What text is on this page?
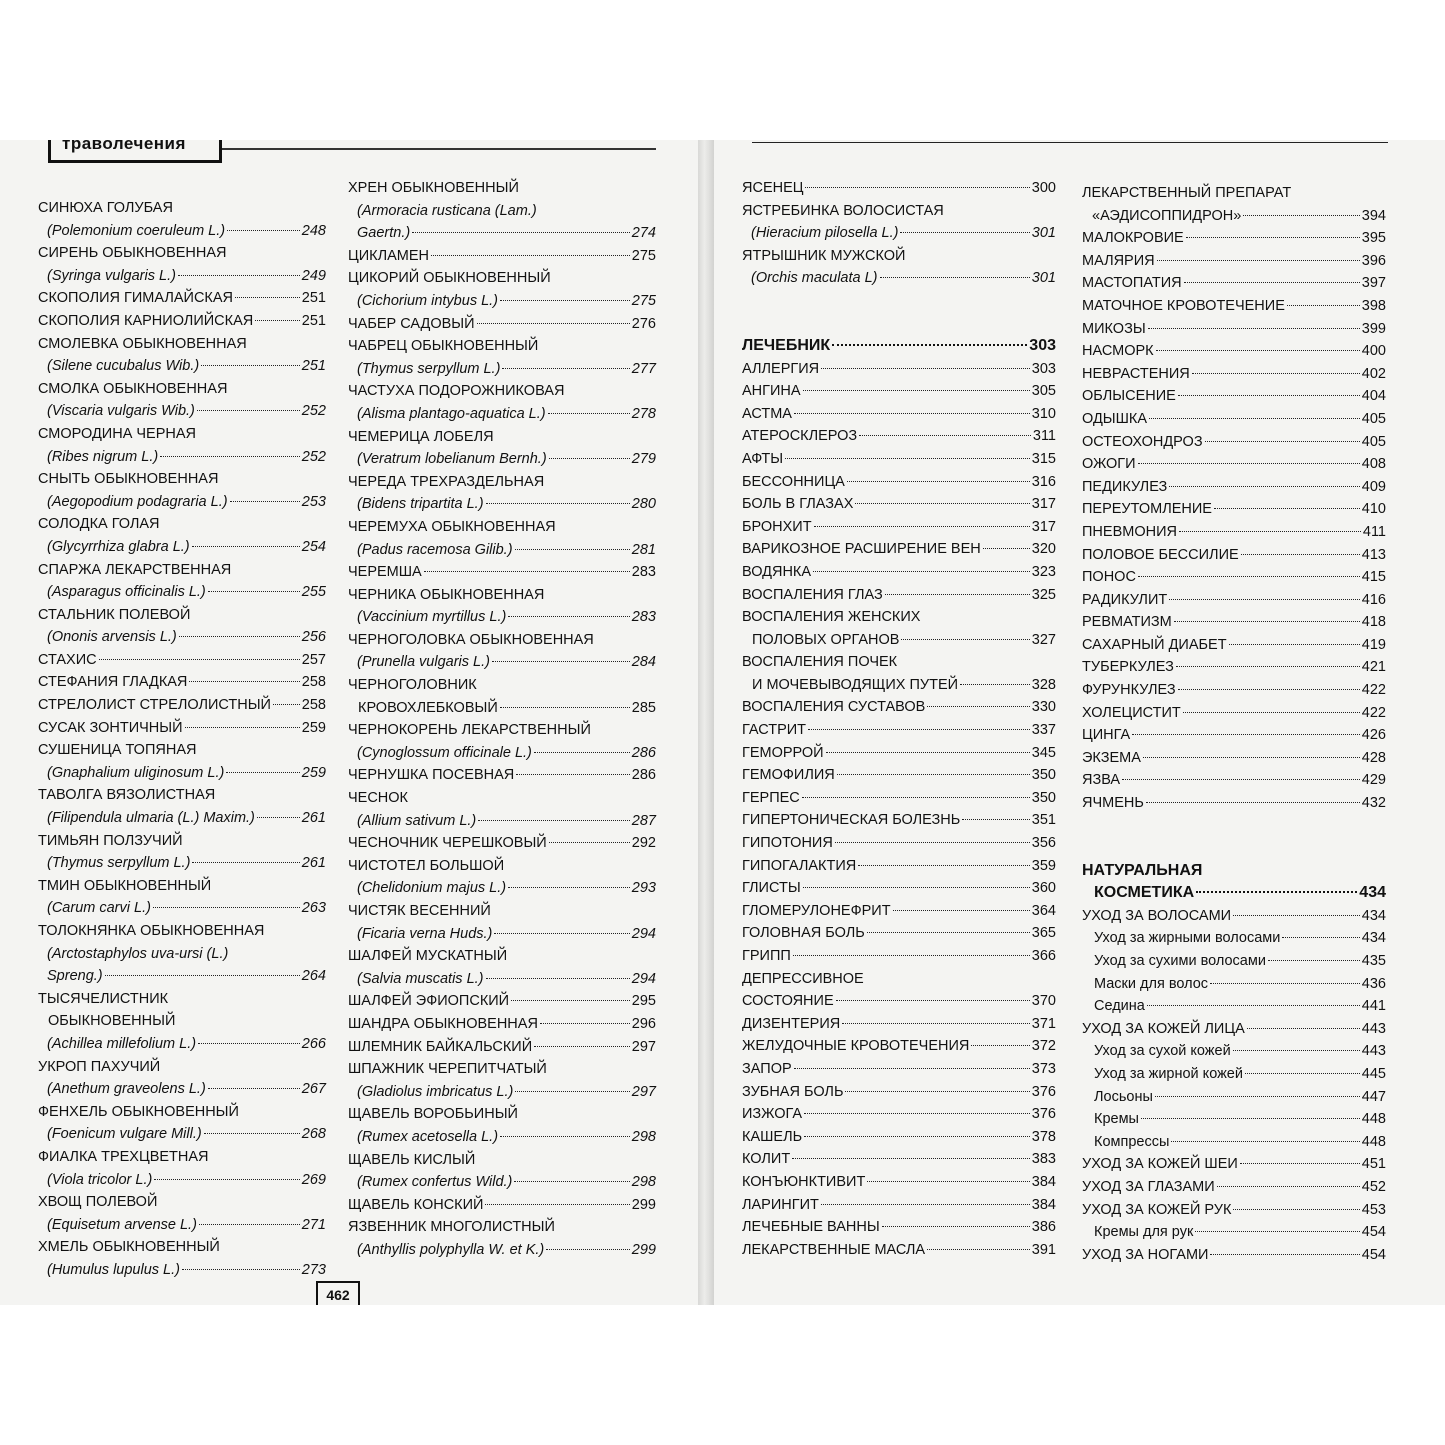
траволечения
СИНЮХА ГОЛУБАЯ
(Polemonium coeruleum L.)	248
СИРЕНЬ ОБЫКНОВЕННАЯ
(Syringa vulgaris L.)	249
СКОПОЛИЯ ГИМАЛАЙСКАЯ	251
СКОПОЛИЯ КАРНИОЛИЙСКАЯ	251
СМОЛЕВКА ОБЫКНОВЕННАЯ
(Silene cucubalus Wib.)	251
СМОЛКА ОБЫКНОВЕННАЯ
(Viscaria vulgaris Wib.)	252
СМОРОДИНА ЧЕРНАЯ
(Ribes nigrum L.)	252
СНЫТЬ ОБЫКНОВЕННАЯ
(Aegopodium podagraria L.)	253
СОЛОДКА ГОЛАЯ
(Glycyrrhiza glabra L.)	254
СПАРЖА ЛЕКАРСТВЕННАЯ
(Asparagus officinalis L.)	255
СТАЛЬНИК ПОЛЕВОЙ
(Ononis arvensis L.)	256
СТАХИС	257
СТЕФАНИЯ ГЛАДКАЯ	258
СТРЕЛОЛИСТ СТРЕЛОЛИСТНЫЙ 258
СУСАК ЗОНТИЧНЫЙ	259
СУШЕНИЦА ТОПЯНАЯ
(Gnaphalium uliginosum L.)	259
ТАВОЛГА ВЯЗОЛИСТНАЯ
(Filipendula ulmaria (L.) Maxim.)	261
ТИМЬЯН ПОЛЗУЧИЙ
(Thymus serpyllum L.)	261
ТМИН ОБЫКНОВЕННЫЙ
(Carum carvi L.)	263
ТОЛОКНЯНКА ОБЫКНОВЕННАЯ
(Arctostaphylos uva-ursi (L.)
Spreng.)	264
ТЫСЯЧЕЛИСТНИК
ОБЫКНОВЕННЫЙ
(Achillea millefolium L.)	266
УКРОП ПАХУЧИЙ
(Anethum graveolens L.)	267
ФЕНХЕЛЬ ОБЫКНОВЕННЫЙ
(Foenicum vulgare Mill.)	268
ФИАЛКА ТРЕХЦВЕТНАЯ
(Viola tricolor L.)	269
ХВОЩ ПОЛЕВОЙ
(Equisetum arvense L.)	271
ХМЕЛЬ ОБЫКНОВЕННЫЙ
(Humulus lupulus L.)	273
ХРЕН ОБЫКНОВЕННЫЙ
(Armoracia rusticana (Lam.)
Gaertn.)	274
ЦИКЛАМЕН	275
ЦИКОРИЙ ОБЫКНОВЕННЫЙ
(Cichorium intybus L.)	275
ЧАБЕР САДОВЫЙ	276
ЧАБРЕЦ ОБЫКНОВЕННЫЙ
(Thymus serpyllum L.)	277
ЧАСТУХА ПОДОРОЖНИКОВАЯ
(Alisma plantago-aquatica L.)	278
ЧЕМЕРИЦА ЛОБЕЛЯ
(Veratrum lobelianum Bernh.)	279
ЧЕРЕДА ТРЕХРАЗДЕЛЬНАЯ
(Bidens tripartita L.)	280
ЧЕРЕМУХА ОБЫКНОВЕННАЯ
(Padus racemosa Gilib.)	281
ЧЕРЕМША	283
ЧЕРНИКА ОБЫКНОВЕННАЯ
(Vaccinium myrtillus L.)	283
ЧЕРНОГОЛОВКА ОБЫКНОВЕННАЯ
(Prunella vulgaris L.)	284
ЧЕРНОГОЛОВНИК
КРОВОХЛЕБКОВЫЙ	285
ЧЕРНОКОРЕНЬ ЛЕКАРСТВЕННЫЙ
(Cynoglossum officinale L.)	286
ЧЕРНУШКА ПОСЕВНАЯ	286
ЧЕСНОК
(Allium sativum L.)	287
ЧЕСНОЧНИК ЧЕРЕШКОВЫЙ	292
ЧИСТОТЕЛ БОЛЬШОЙ
(Chelidonium majus L.)	293
ЧИСТЯК ВЕСЕННИЙ
(Ficaria verna Huds.)	294
ШАЛФЕЙ МУСКАТНЫЙ
(Salvia muscatis L.)	294
ШАЛФЕЙ ЭФИОПСКИЙ	295
ШАНДРА ОБЫКНОВЕННАЯ	296
ШЛЕМНИК БАЙКАЛЬСКИЙ	297
ШПАЖНИК ЧЕРЕПИТЧАТЫЙ
(Gladiolus imbricatus L.)	297
ЩАВЕЛЬ ВОРОБЬИНЫЙ
(Rumex acetosella L.)	298
ЩАВЕЛЬ КИСЛЫЙ
(Rumex confertus Wild.)	298
ЩАВЕЛЬ КОНСКИЙ	299
ЯЗВЕННИК МНОГОЛИСТНЫЙ
(Anthyllis polyphylla W. et K.)	299
462
ЯСЕНЕЦ	300
ЯСТРЕБИНКА ВОЛОСИСТАЯ
(Hieracium pilosella L.)	301
ЯТРЫШНИК МУЖСКОЙ
(Orchis maculata L)	301
ЛЕЧЕБНИК	303
АЛЛЕРГИЯ	303
АНГИНА	305
АСТМА	310
АТЕРОСКЛЕРОЗ	311
АФТЫ	315
БЕССОННИЦА	316
БОЛЬ В ГЛАЗАХ	317
БРОНХИТ	317
ВАРИКОЗНОЕ РАСШИРЕНИЕ ВЕН	320
ВОДЯНКА	323
ВОСПАЛЕНИЯ ГЛАЗ	325
ВОСПАЛЕНИЯ ЖЕНСКИХ
ПОЛОВЫХ ОРГАНОВ	327
ВОСПАЛЕНИЯ ПОЧЕК
И МОЧЕВЫВОДЯЩИХ ПУТЕЙ	328
ВОСПАЛЕНИЯ СУСТАВОВ	330
ГАСТРИТ	337
ГЕМОРРОЙ	345
ГЕМОФИЛИЯ	350
ГЕРПЕС	350
ГИПЕРТОНИЧЕСКАЯ БОЛЕЗНЬ	351
ГИПОТОНИЯ	356
ГИПОГАЛАКТИЯ	359
ГЛИСТЫ	360
ГЛОМЕРУЛОНЕФРИТ	364
ГОЛОВНАЯ БОЛЬ	365
ГРИПП	366
ДЕПРЕССИВНОЕ
СОСТОЯНИЕ	370
ДИЗЕНТЕРИЯ	371
ЖЕЛУДОЧНЫЕ КРОВОТЕЧЕНИЯ	372
ЗАПОР	373
ЗУБНАЯ БОЛЬ	376
ИЗЖОГА	376
КАШЕЛЬ	378
КОЛИТ	383
КОНЪЮНКТИВИТ	384
ЛАРИНГИТ	384
ЛЕЧЕБНЫЕ ВАННЫ	386
ЛЕКАРСТВЕННЫЕ МАСЛА	391
ЛЕКАРСТВЕННЫЙ ПРЕПАРАТ
«АЭДИСОППИДРОН»	394
МАЛОКРОВИЕ	395
МАЛЯРИЯ	396
МАСТОПАТИЯ	397
МАТОЧНОЕ КРОВОТЕЧЕНИЕ	398
МИКОЗЫ	399
НАСМОРК	400
НЕВРАСТЕНИЯ	402
ОБЛЫСЕНИЕ	404
ОДЫШКА	405
ОСТЕОХОНДРОЗ	405
ОЖОГИ	408
ПЕДИКУЛЕЗ	409
ПЕРЕУТОМЛЕНИЕ	410
ПНЕВМОНИЯ	411
ПОЛОВОЕ БЕССИЛИЕ	413
ПОНОС	415
РАДИКУЛИТ	416
РЕВМАТИЗМ	418
САХАРНЫЙ ДИАБЕТ	419
ТУБЕРКУЛЕЗ	421
ФУРУНКУЛЕЗ	422
ХОЛЕЦИСТИТ	422
ЦИНГА	426
ЭКЗЕМА	428
ЯЗВА	429
ЯЧМЕНЬ	432
НАТУРАЛЬНАЯ
КОСМЕТИКА	434
УХОД ЗА ВОЛОСАМИ	434
Уход за жирными волосами	434
Уход за сухими волосами	435
Маски для волос	436
Седина	441
УХОД ЗА КОЖЕЙ ЛИЦА	443
Уход за сухой кожей	443
Уход за жирной кожей	445
Лосьоны	447
Кремы	448
Компрессы	448
УХОД ЗА КОЖЕЙ ШЕИ	451
УХОД ЗА ГЛАЗАМИ	452
УХОД ЗА КОЖЕЙ РУК	453
Кремы для рук	454
УХОД ЗА НОГАМИ	454
